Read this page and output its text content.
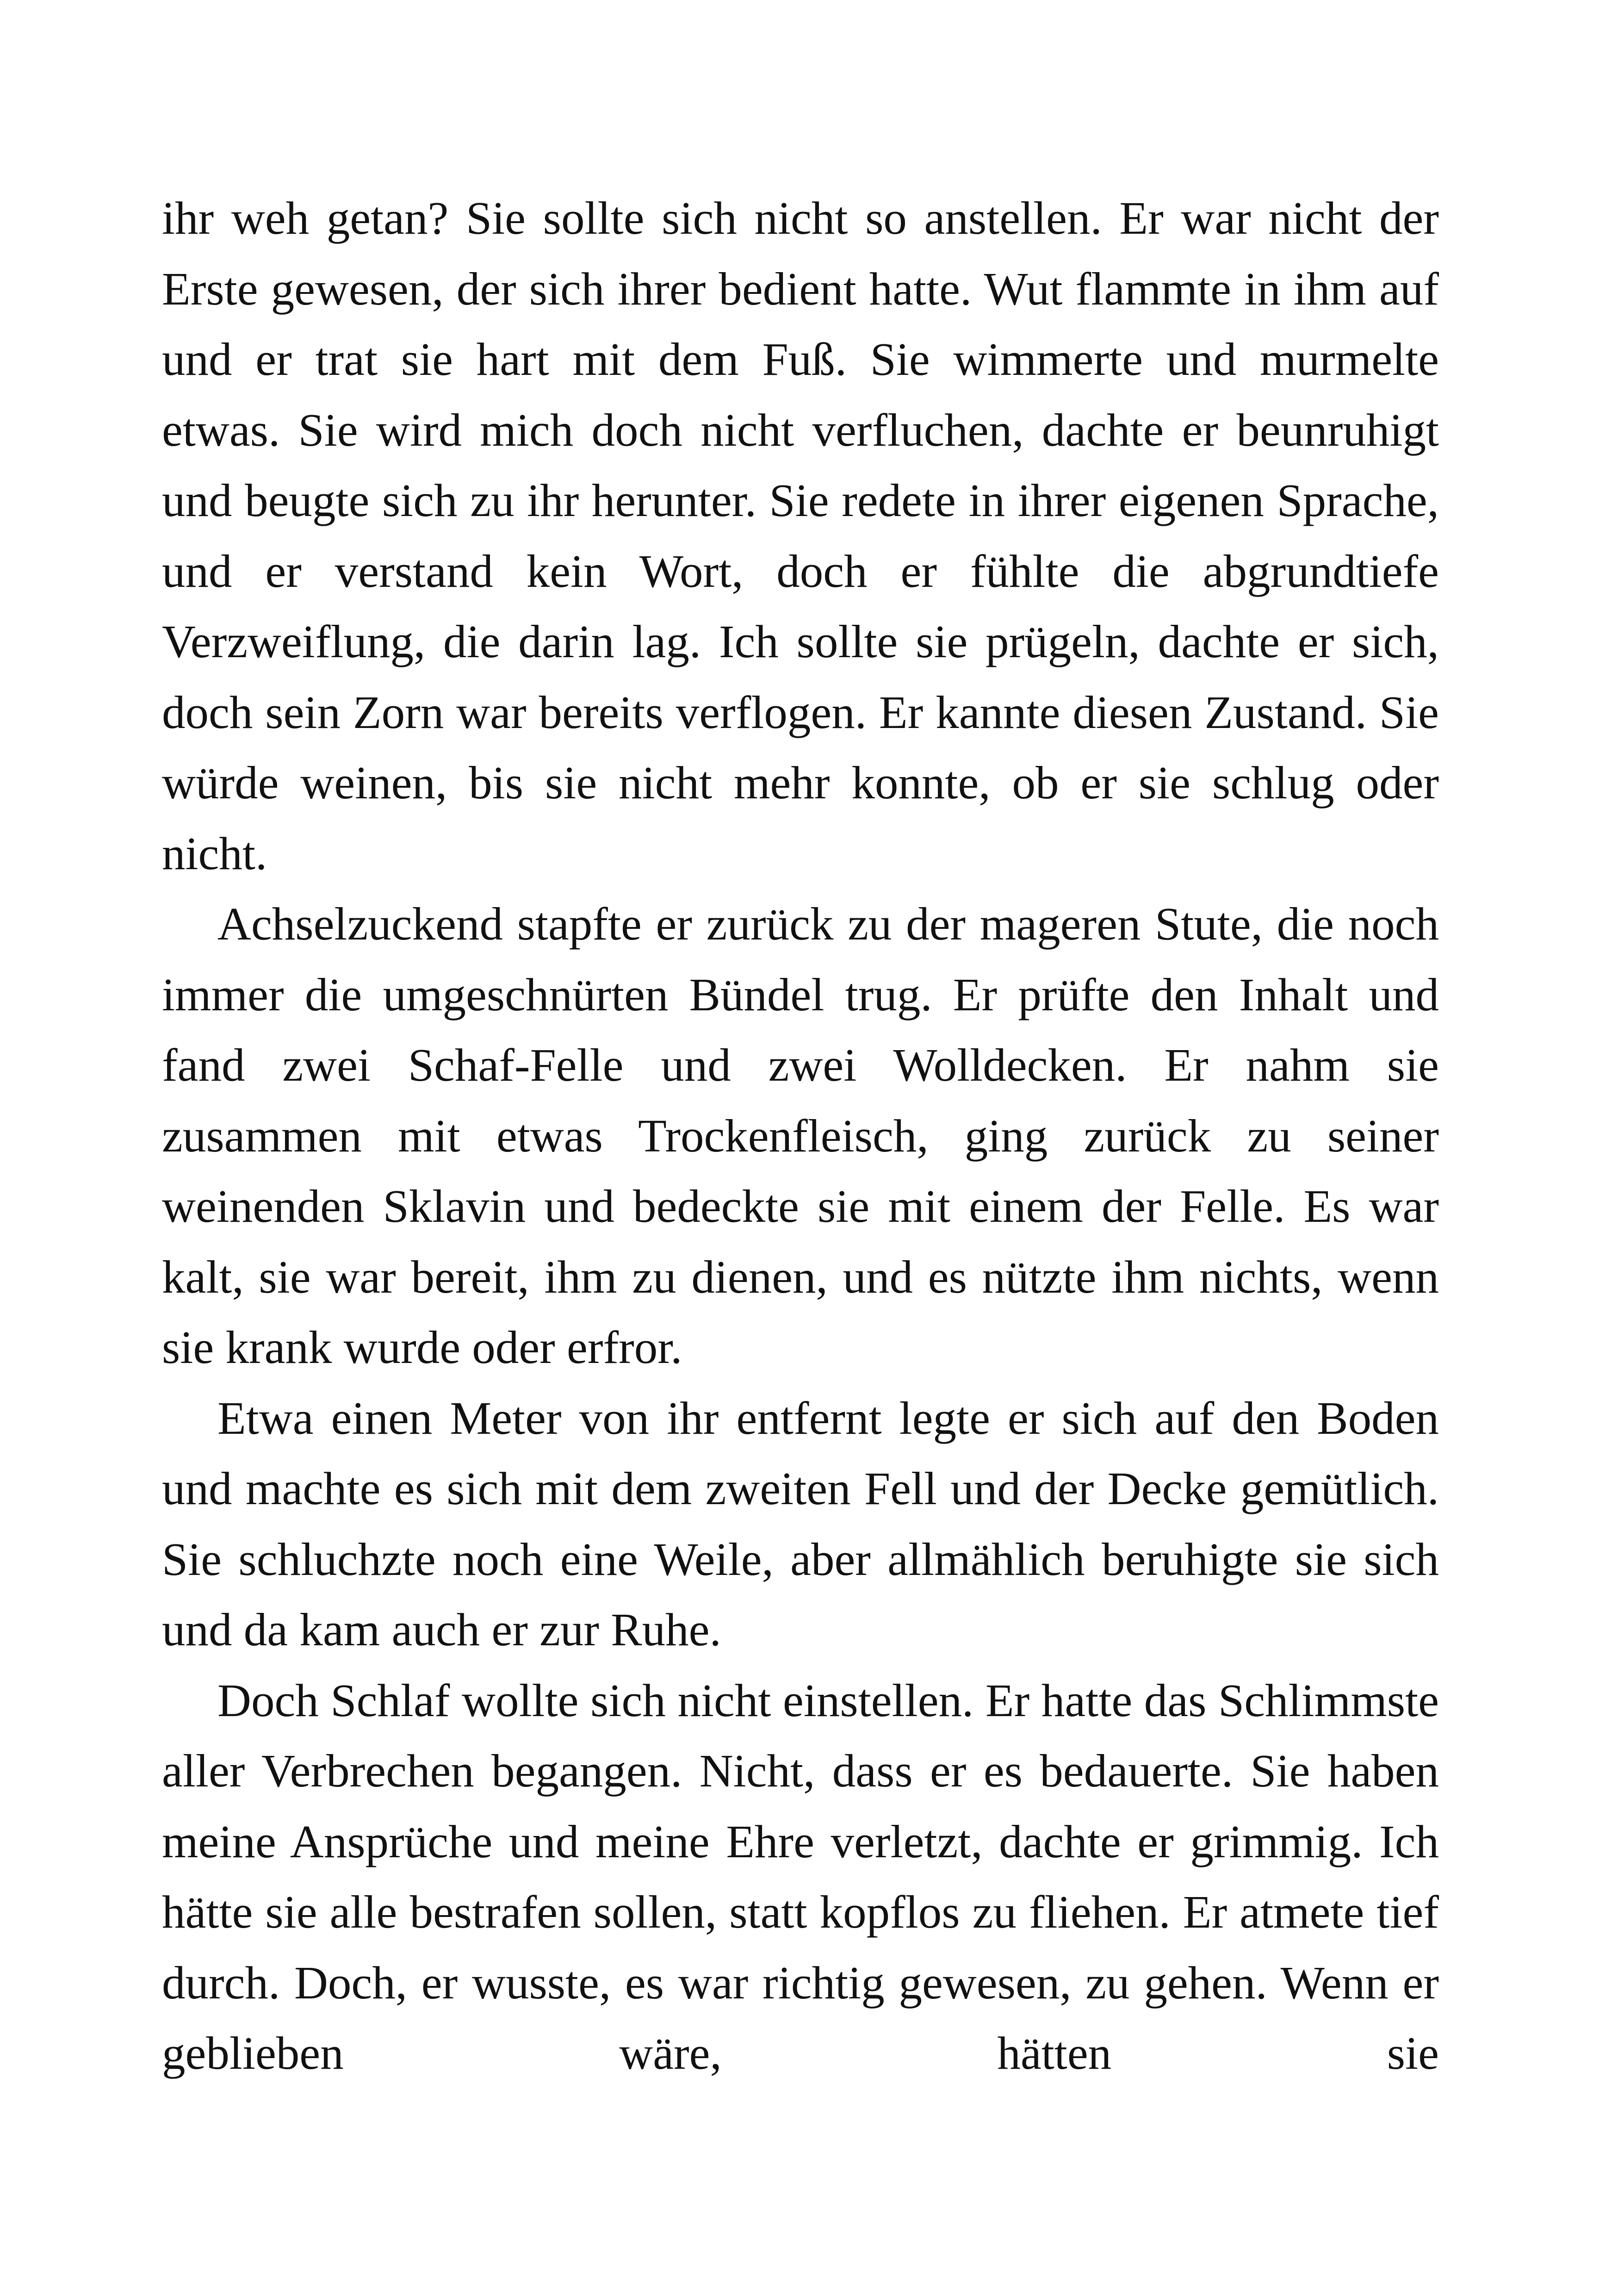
ihr weh getan? Sie sollte sich nicht so anstellen. Er war nicht der Erste gewesen, der sich ihrer bedient hatte. Wut flammte in ihm auf und er trat sie hart mit dem Fuß. Sie wimmerte und murmelte etwas. Sie wird mich doch nicht verfluchen, dachte er beunruhigt und beugte sich zu ihr herunter. Sie redete in ihrer eigenen Sprache, und er verstand kein Wort, doch er fühlte die abgrundtiefe Verzweiflung, die darin lag. Ich sollte sie prügeln, dachte er sich, doch sein Zorn war bereits verflogen. Er kannte diesen Zustand. Sie würde weinen, bis sie nicht mehr konnte, ob er sie schlug oder nicht.

Achselzuckend stapfte er zurück zu der mageren Stute, die noch immer die umgeschnürten Bündel trug. Er prüfte den Inhalt und fand zwei Schaf-Felle und zwei Wolldecken. Er nahm sie zusammen mit etwas Trockenfleisch, ging zurück zu seiner weinenden Sklavin und bedeckte sie mit einem der Felle. Es war kalt, sie war bereit, ihm zu dienen, und es nützte ihm nichts, wenn sie krank wurde oder erfror.

Etwa einen Meter von ihr entfernt legte er sich auf den Boden und machte es sich mit dem zweiten Fell und der Decke gemütlich. Sie schluchzte noch eine Weile, aber allmählich beruhigte sie sich und da kam auch er zur Ruhe.

Doch Schlaf wollte sich nicht einstellen. Er hatte das Schlimmste aller Verbrechen begangen. Nicht, dass er es bedauerte. Sie haben meine Ansprüche und meine Ehre verletzt, dachte er grimmig. Ich hätte sie alle bestrafen sollen, statt kopflos zu fliehen. Er atmete tief durch. Doch, er wusste, es war richtig gewesen, zu gehen. Wenn er geblieben wäre, hätten sie
